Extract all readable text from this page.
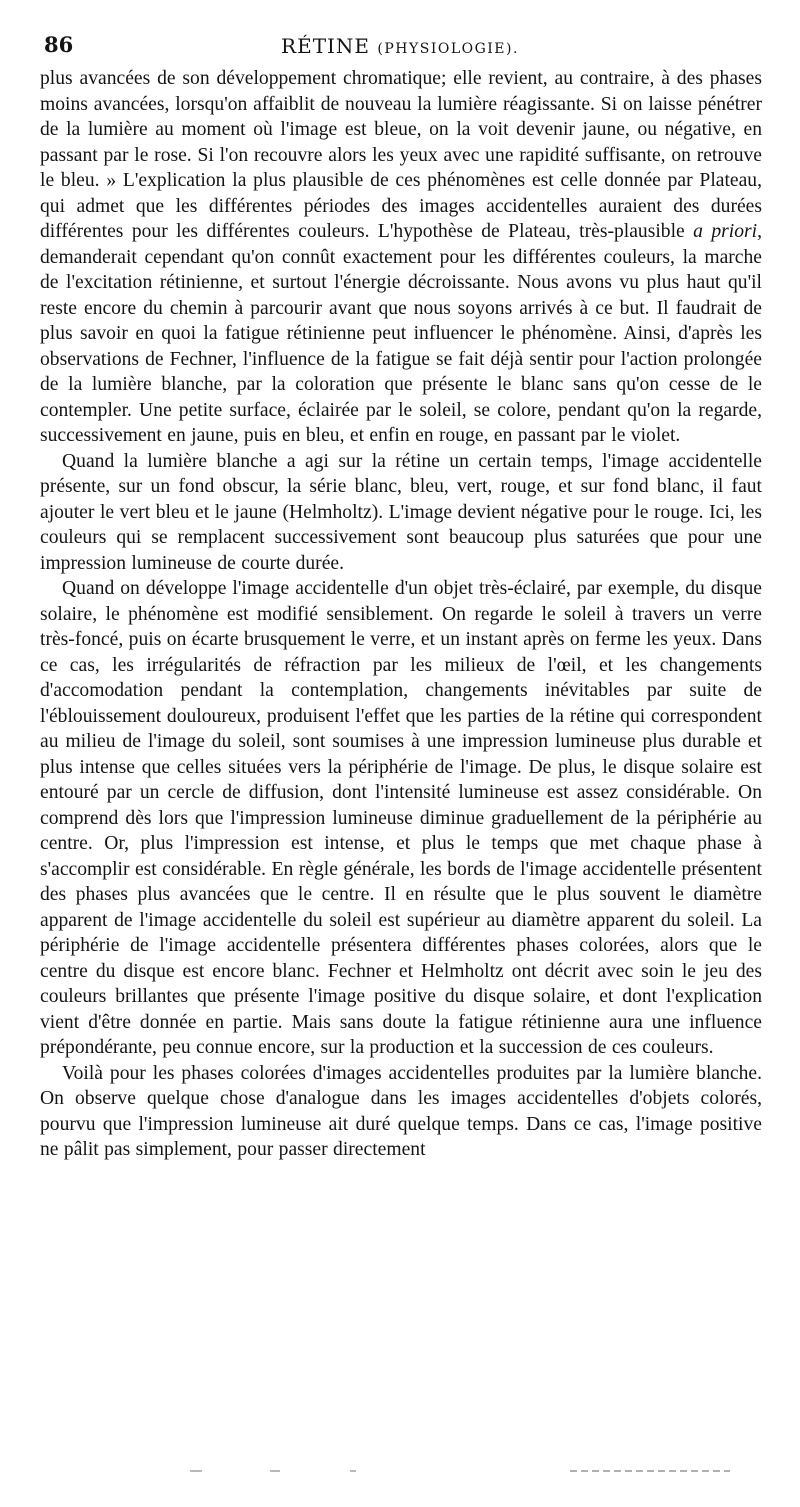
86	RÉTINE (PHYSIOLOGIE).

plus avancées de son développement chromatique; elle revient, au contraire, à des phases moins avancées, lorsqu'on affaiblit de nouveau la lumière réagissante. Si on laisse pénétrer de la lumière au moment où l'image est bleue, on la voit devenir jaune, ou négative, en passant par le rose. Si l'on recouvre alors les yeux avec une rapidité suffisante, on retrouve le bleu. » L'explication la plus plausible de ces phénomènes est celle donnée par Plateau, qui admet que les différentes périodes des images accidentelles auraient des durées différentes pour les différentes couleurs. L'hypothèse de Plateau, très-plausible a priori, demanderait cependant qu'on connût exactement pour les différentes couleurs, la marche de l'excitation rétinienne, et surtout l'énergie décroissante. Nous avons vu plus haut qu'il reste encore du chemin à parcourir avant que nous soyons arrivés à ce but. Il faudrait de plus savoir en quoi la fatigue rétinienne peut influencer le phénomène. Ainsi, d'après les observations de Fechner, l'influence de la fatigue se fait déjà sentir pour l'action prolongée de la lumière blanche, par la coloration que présente le blanc sans qu'on cesse de le contempler. Une petite surface, éclairée par le soleil, se colore, pendant qu'on la regarde, successivement en jaune, puis en bleu, et enfin en rouge, en passant par le violet.

Quand la lumière blanche a agi sur la rétine un certain temps, l'image accidentelle présente, sur un fond obscur, la série blanc, bleu, vert, rouge, et sur fond blanc, il faut ajouter le vert bleu et le jaune (Helmholtz). L'image devient négative pour le rouge. Ici, les couleurs qui se remplacent successivement sont beaucoup plus saturées que pour une impression lumineuse de courte durée.

Quand on développe l'image accidentelle d'un objet très-éclairé, par exemple, du disque solaire, le phénomène est modifié sensiblement. On regarde le soleil à travers un verre très-foncé, puis on écarte brusquement le verre, et un instant après on ferme les yeux. Dans ce cas, les irrégularités de réfraction par les milieux de l'œil, et les changements d'accomodation pendant la contemplation, changements inévitables par suite de l'éblouissement douloureux, produisent l'effet que les parties de la rétine qui correspondent au milieu de l'image du soleil, sont soumises à une impression lumineuse plus durable et plus intense que celles situées vers la périphérie de l'image. De plus, le disque solaire est entouré par un cercle de diffusion, dont l'intensité lumineuse est assez considérable. On comprend dès lors que l'impression lumineuse diminue graduellement de la périphérie au centre. Or, plus l'impression est intense, et plus le temps que met chaque phase à s'accomplir est considérable. En règle générale, les bords de l'image accidentelle présentent des phases plus avancées que le centre. Il en résulte que le plus souvent le diamètre apparent de l'image accidentelle du soleil est supérieur au diamètre apparent du soleil. La périphérie de l'image accidentelle présentera différentes phases colorées, alors que le centre du disque est encore blanc. Fechner et Helmholtz ont décrit avec soin le jeu des couleurs brillantes que présente l'image positive du disque solaire, et dont l'explication vient d'être donnée en partie. Mais sans doute la fatigue rétinienne aura une influence prépondérante, peu connue encore, sur la production et la succession de ces couleurs.

Voilà pour les phases colorées d'images accidentelles produites par la lumière blanche. On observe quelque chose d'analogue dans les images accidentelles d'objets colorés, pourvu que l'impression lumineuse ait duré quelque temps. Dans ce cas, l'image positive ne pâlit pas simplement, pour passer directement
